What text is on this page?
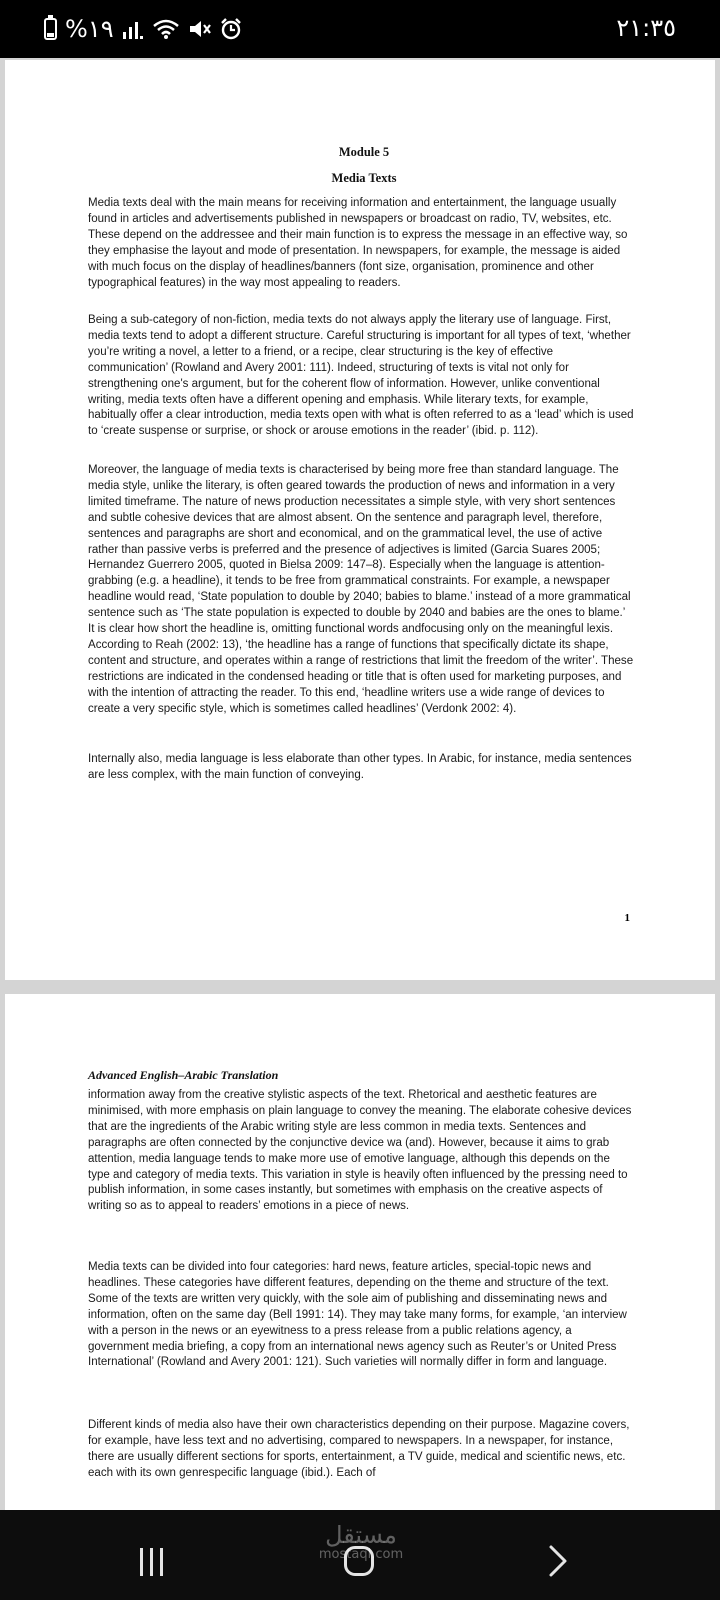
%١٩	٢١:٣٥
Module 5
Media Texts

Media texts deal with the main means for receiving information and entertainment, the language usually found in articles and advertisements published in newspapers or broadcast on radio, TV, websites, etc. These depend on the addressee and their main function is to express the message in an effective way, so they emphasise the layout and mode of presentation. In newspapers, for example, the message is aided with much focus on the display of headlines/banners (font size, organisation, prominence and other typographical features) in the way most appealing to readers.

Being a sub-category of non-fiction, media texts do not always apply the literary use of language. First, media texts tend to adopt a different structure. Careful structuring is important for all types of text, ‘whether you’re writing a novel, a letter to a friend, or a recipe, clear structuring is the key of effective communication’ (Rowland and Avery 2001: 111). Indeed, structuring of texts is vital not only for strengthening one's argument, but for the coherent flow of information. However, unlike conventional writing, media texts often have a different opening and emphasis. While literary texts, for example, habitually offer a clear introduction, media texts open with what is often referred to as a ‘lead’ which is used to ‘create suspense or surprise, or shock or arouse emotions in the reader’ (ibid. p. 112).

Moreover, the language of media texts is characterised by being more free than standard language. The media style, unlike the literary, is often geared towards the production of news and information in a very limited timeframe. The nature of news production necessitates a simple style, with very short sentences and subtle cohesive devices that are almost absent. On the sentence and paragraph level, therefore, sentences and paragraphs are short and economical, and on the grammatical level, the use of active rather than passive verbs is preferred and the presence of adjectives is limited (Garcia Suares 2005; Hernandez Guerrero 2005, quoted in Bielsa 2009: 147–8). Especially when the language is attention-grabbing (e.g. a headline), it tends to be free from grammatical constraints. For example, a newspaper headline would read, ‘State population to double by 2040; babies to blame.’ instead of a more grammatical sentence such as ‘The state population is expected to double by 2040 and babies are the ones to blame.’ It is clear how short the headline is, omitting functional words andfocusing only on the meaningful lexis. According to Reah (2002: 13), ‘the headline has a range of functions that specifically dictate its shape, content and structure, and operates within a range of restrictions that limit the freedom of the writer’. These restrictions are indicated in the condensed heading or title that is often used for marketing purposes, and with the intention of attracting the reader. To this end, ‘headline writers use a wide range of devices to create a very specific style, which is sometimes called headlines’ (Verdonk 2002: 4).

Internally also, media language is less elaborate than other types. In Arabic, for instance, media sentences are less complex, with the main function of conveying.

1
Advanced English–Arabic Translation

information away from the creative stylistic aspects of the text. Rhetorical and aesthetic features are minimised, with more emphasis on plain language to convey the meaning. The elaborate cohesive devices that are the ingredients of the Arabic writing style are less common in media texts. Sentences and paragraphs are often connected by the conjunctive device wa (and). However, because it aims to grab attention, media language tends to make more use of emotive language, although this depends on the type and category of media texts. This variation in style is heavily often influenced by the pressing need to publish information, in some cases instantly, but sometimes with emphasis on the creative aspects of writing so as to appeal to readers’ emotions in a piece of news.

Media texts can be divided into four categories: hard news, feature articles, special-topic news and headlines. These categories have different features, depending on the theme and structure of the text. Some of the texts are written very quickly, with the sole aim of publishing and disseminating news and information, often on the same day (Bell 1991: 14). They may take many forms, for example, ‘an interview with a person in the news or an eyewitness to a press release from a public relations agency, a government media briefing, a copy from an international news agency such as Reuter’s or United Press International’ (Rowland and Avery 2001: 121). Such varieties will normally differ in form and language.

Different kinds of media also have their own characteristics depending on their purpose. Magazine covers, for example, have less text and no advertising, compared to newspapers. In a newspaper, for instance, there are usually different sections for sports, entertainment, a TV guide, medical and scientific news, etc. each with its own genrespecific language (ibid.). Each of

مستقل
mostaql.com
